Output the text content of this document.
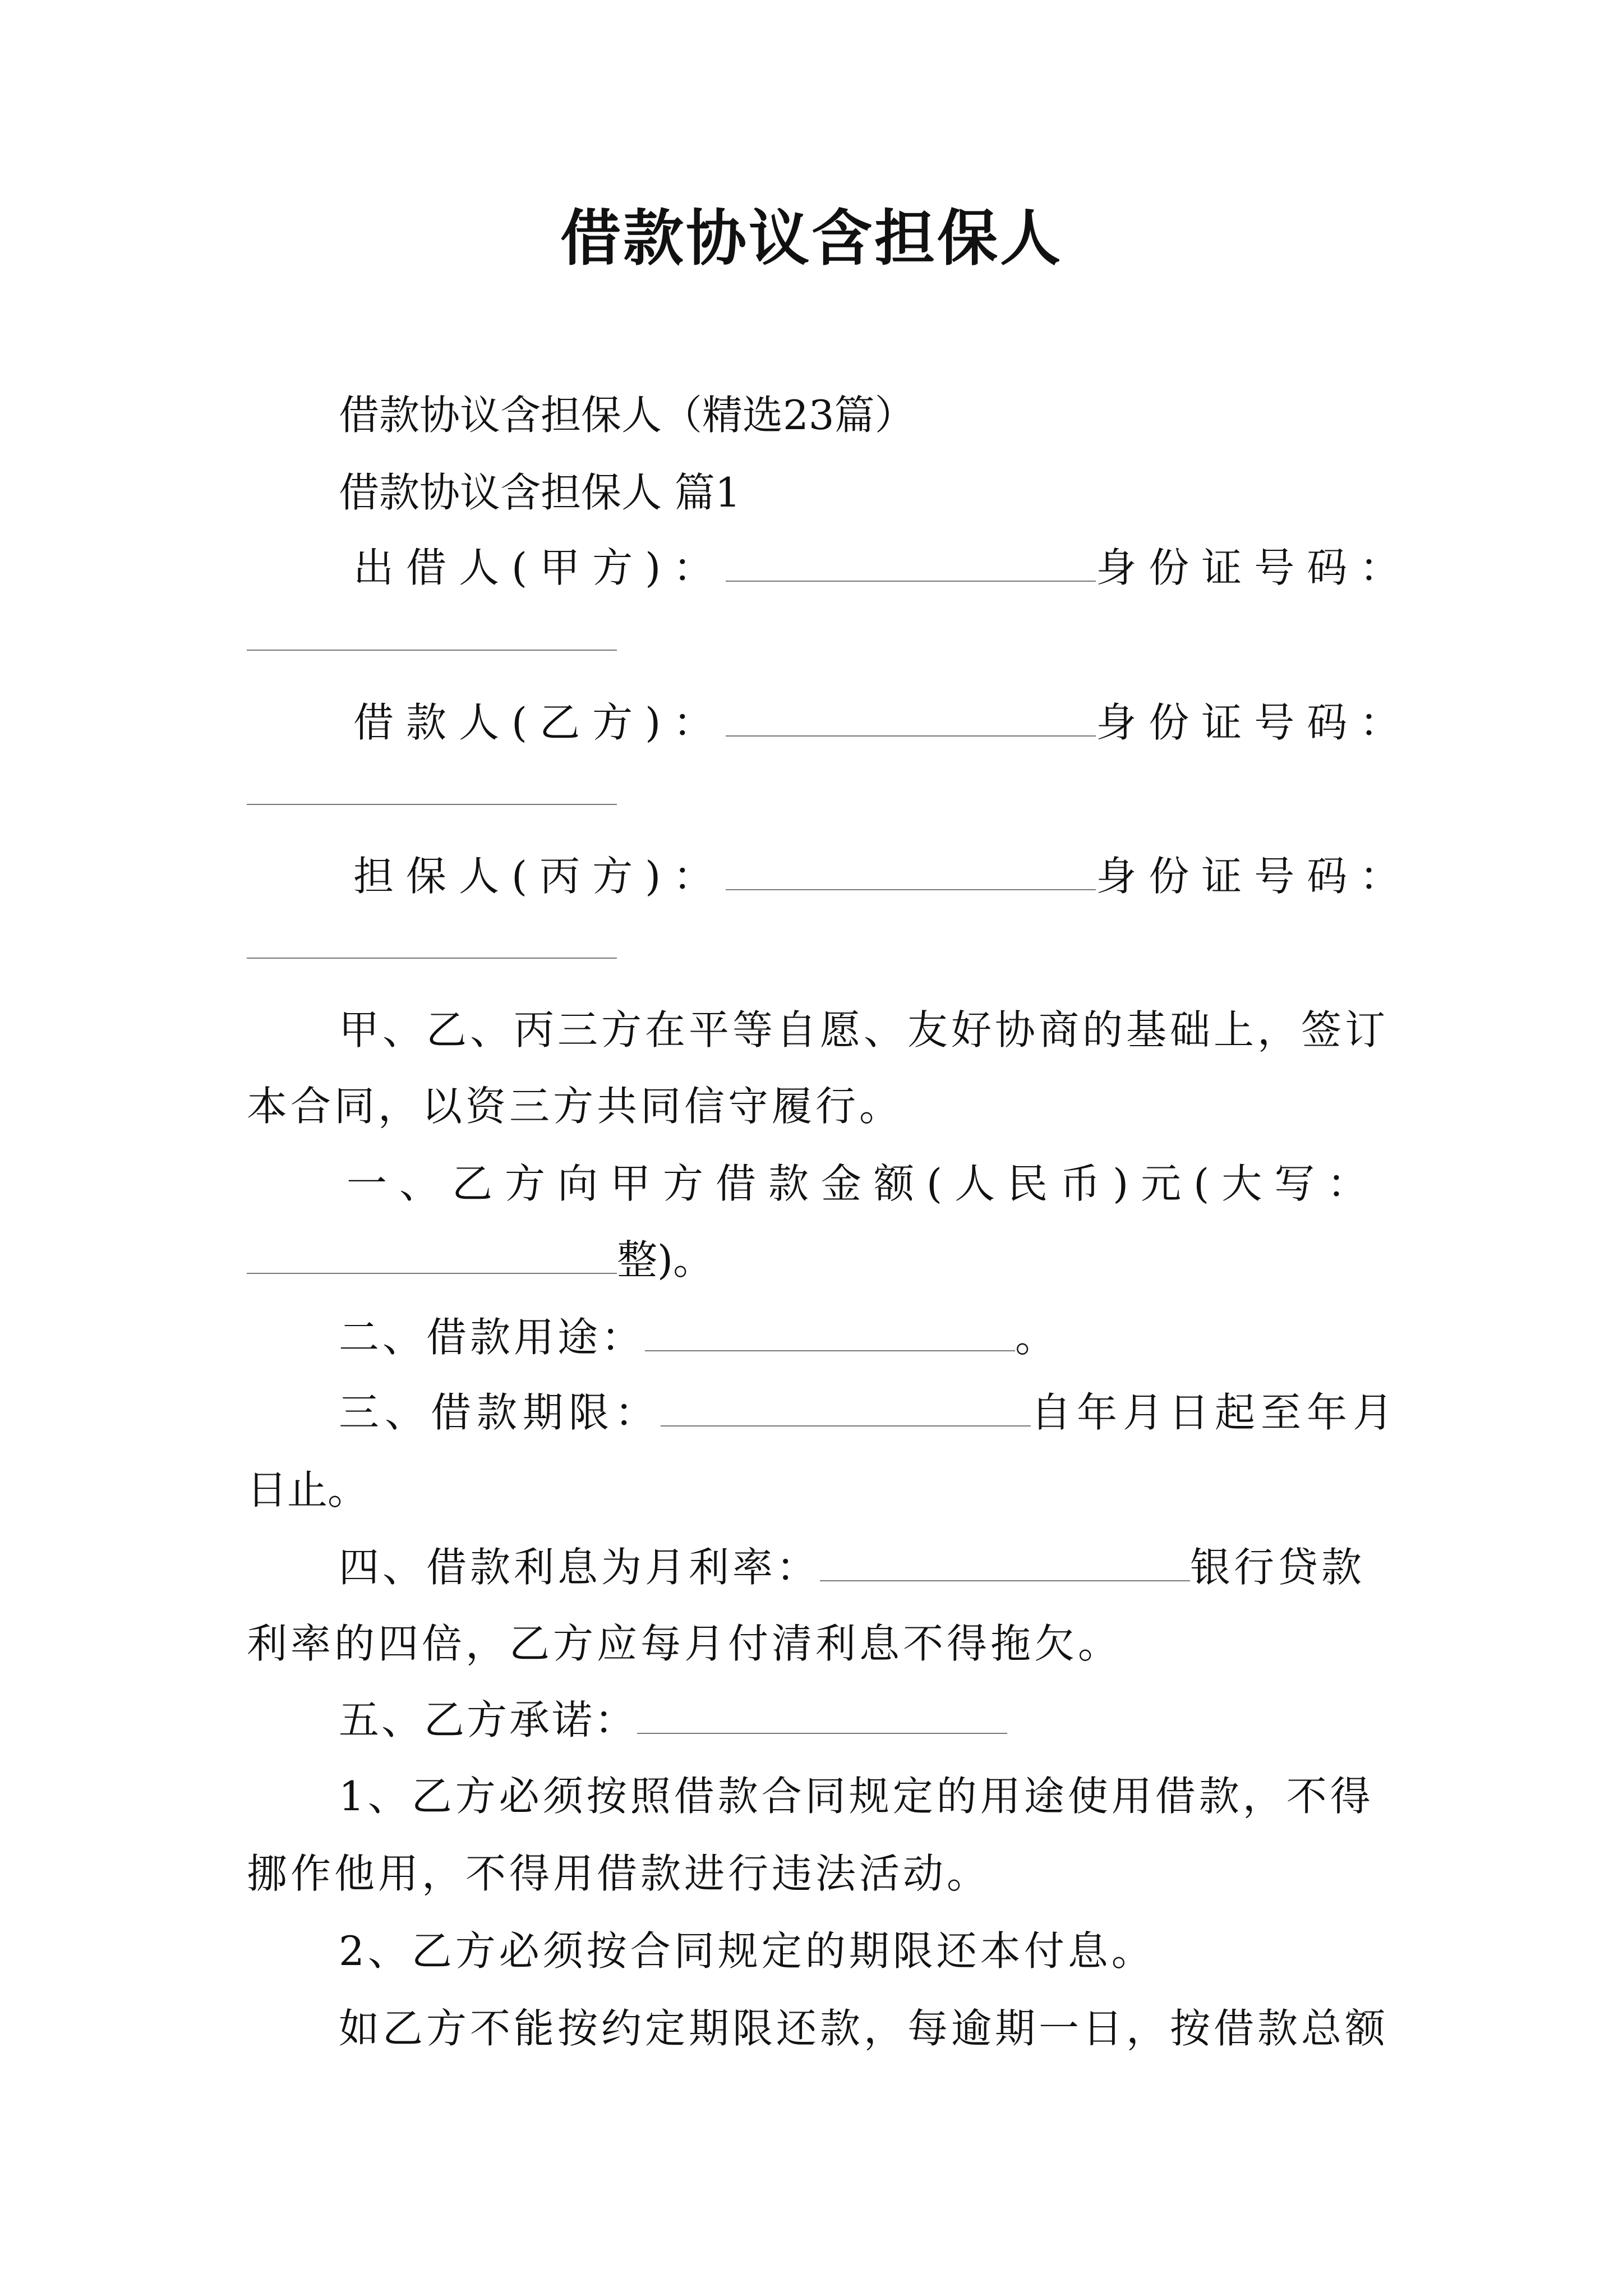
借款协议含担保人
借款协议含担保人（精选23篇）
借款协议含担保人 篇1
出借人(甲方)：	身份证号码：
借款人(乙方)：	身份证号码：
担保人(丙方)：	身份证号码：
甲、乙、丙三方在平等自愿、友好协商的基础上，签订
本合同，以资三方共同信守履行。
一、乙方向甲方借款金额(人民币)元(大写：
整)。
二、借款用途：	。
三、借款期限：	自年月日起至年月
日止。
四、借款利息为月利率：	银行贷款
利率的四倍，乙方应每月付清利息不得拖欠。
五、乙方承诺：
1、乙方必须按照借款合同规定的用途使用借款，不得
挪作他用，不得用借款进行违法活动。
2、乙方必须按合同规定的期限还本付息。
如乙方不能按约定期限还款，每逾期一日，按借款总额
